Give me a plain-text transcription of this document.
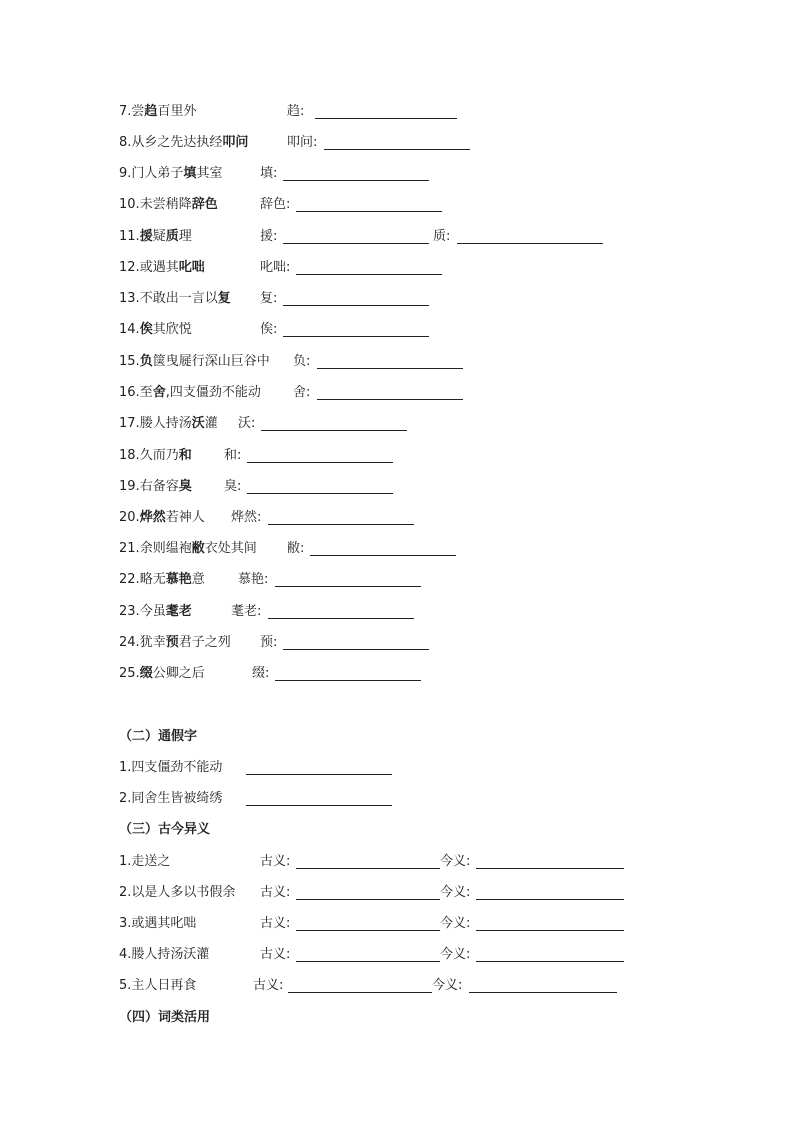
7.尝趋百里外	趋:
8.从乡之先达执经叩问	叩问:
9.门人弟子填其室	填:
10.未尝稍降辞色	辞色:
11.援疑质理	援:	质:
12.或遇其叱咄	叱咄:
13.不敢出一言以复 复:
14.俟其欣悦	俟:
15.负箧曳屣行深山巨谷中 负:
16.至舍,四支僵劲不能动 舍:
17.媵人持汤沃灌 沃:
18.久而乃和 和:
19.右备容臭 臭:
20.烨然若神人 烨然:
21.余则缊袍敝衣处其间 敝:
22.略无慕艳意	慕艳:
23.今虽耄老	耄老:
24.犹幸预君子之列 预:
25.缀公卿之后	缀:
（二）通假字
1.四支僵劲不能动
2.同舍生皆被绮绣
（三）古今异义
1.走送之	古义:	今义:
2.以是人多以书假余 古义:	今义:
3.或遇其叱咄	古义:	今义:
4.媵人持汤沃灌	古义:	今义:
5.主人日再食	古义:	今义:
（四）词类活用
